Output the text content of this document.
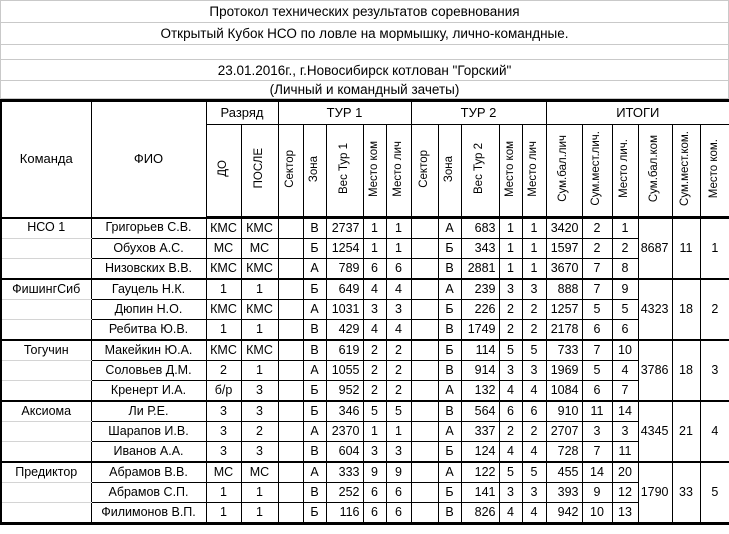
Протокол технических результатов соревнования
Открытый Кубок НСО по ловле на мормышку, лично-командные.
23.01.2016г., г.Новосибирск котлован "Горский"
(Личный и командный зачеты)
Команда	ФИО	Разряд		ТУР 1					ТУР 2					ИТОГИ					
		ДО	ПОСЛЕ	Сектор	Зона	Вес Тур 1	Место ком	Место лич	Сектор	Зона	Вес Тур 2	Место ком	Место лич	Сум.бал.лич	Сум.мест.лич.	Место лич.	Сум.бал.ком	Сум.мест.ком.	Место ком.
НСО 1	Григорьев С.В.	КМС	КМС		В	2737	1	1		А	683	1	1	3420	2	1	8687	11	1
	Обухов А.С.	МС	МС		Б	1254	1	1		Б	343	1	1	1597	2	2			
	Низовских В.В.	КМС	КМС		А	789	6	6		В	2881	1	1	3670	7	8			
ФишингСиб	Гауцель Н.К.	1	1		Б	649	4	4		А	239	3	3	888	7	9	4323	18	2
	Дюпин Н.О.	КМС	КМС		А	1031	3	3		Б	226	2	2	1257	5	5			
	Ребитва Ю.В.	1	1		В	429	4	4		В	1749	2	2	2178	6	6			
Тогучин	Макейкин Ю.А.	КМС	КМС		В	619	2	2		Б	114	5	5	733	7	10	3786	18	3
	Соловьев Д.М.	2	1		А	1055	2	2		В	914	3	3	1969	5	4			
	Кренерт И.А.	б/р	3		Б	952	2	2		А	132	4	4	1084	6	7			
Аксиома	Ли Р.Е.	3	3		Б	346	5	5		В	564	6	6	910	11	14	4345	21	4
	Шарапов И.В.	3	2		А	2370	1	1		А	337	2	2	2707	3	3			
	Иванов А.А.	3	3		В	604	3	3		Б	124	4	4	728	7	11			
Предиктор	Абрамов В.В.	МС	МС		А	333	9	9		А	122	5	5	455	14	20	1790	33	5
	Абрамов С.П.	1	1		В	252	6	6		Б	141	3	3	393	9	12			
	Филимонов В.П.	1	1		Б	116	6	6		В	826	4	4	942	10	13			
